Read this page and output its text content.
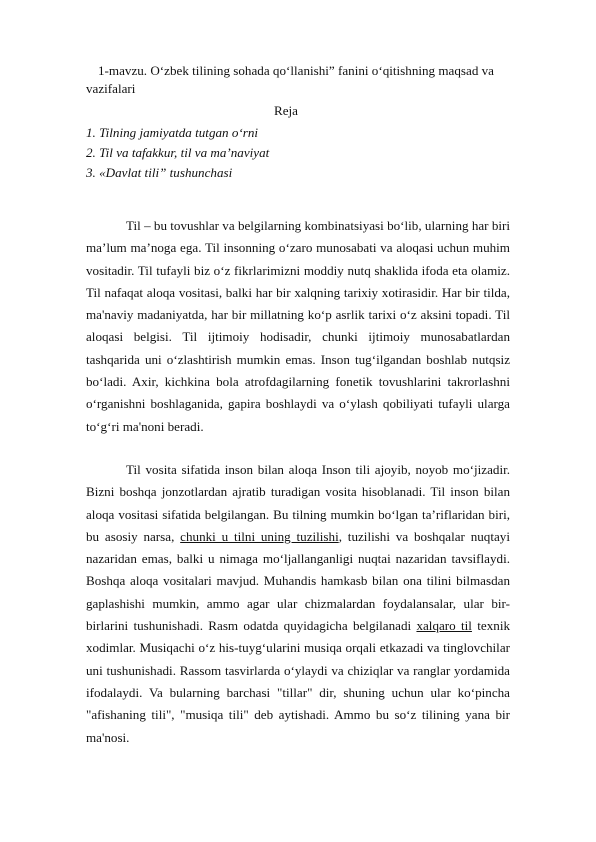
1-mavzu. O‘zbek tilining sohada qo‘llanishi” fanini o‘qitishning maqsad va
vazifalari
Reja
1. Tilning jamiyatda tutgan o‘rni
2. Til va tafakkur, til va ma’naviyat
3. «Davlat tili” tushunchasi

Til – bu tovushlar va belgilarning kombinatsiyasi bo‘lib, ularning har biri ma’lum ma’noga ega. Til insonning o‘zaro munosabati va aloqasi uchun muhim vositadir. Til tufayli biz o‘z fikrlarimizni moddiy nutq shaklida ifoda eta olamiz. Til nafaqat aloqa vositasi, balki har bir xalqning tarixiy xotirasidir. Har bir tilda, ma'naviy madaniyatda, har bir millatning ko‘p asrlik tarixi o‘z aksini topadi. Til aloqasi belgisi. Til ijtimoiy hodisadir, chunki ijtimoiy munosabatlardan tashqarida uni o‘zlashtirish mumkin emas. Inson tug‘ilgandan boshlab nutqsiz bo‘ladi. Axir, kichkina bola atrofdagilarning fonetik tovushlarini takrorlashni o‘rganishni boshlaganida, gapira boshlaydi va o‘ylash qobiliyati tufayli ularga to‘g‘ri ma'noni beradi.

Til vosita sifatida inson bilan aloqa Inson tili ajoyib, noyob mo‘jizadir. Bizni boshqa jonzotlardan ajratib turadigan vosita hisoblanadi. Til inson bilan aloqa vositasi sifatida belgilangan. Bu tilning mumkin bo‘lgan ta’riflaridan biri, bu asosiy narsa, chunki u tilni uning tuzilishi, tuzilishi va boshqalar nuqtayi nazaridan emas, balki u nimaga mo‘ljallanganligi nuqtai nazaridan tavsiflaydi. Boshqa aloqa vositalari mavjud. Muhandis hamkasb bilan ona tilini bilmasdan gaplashishi mumkin, ammo agar ular chizmalardan foydalansalar, ular bir-birlarini tushunishadi. Rasm odatda quyidagicha belgilanadi xalqaro til texnik xodimlar. Musiqachi o‘z his-tuyg‘ularini musiqa orqali etkazadi va tinglovchilar uni tushunishadi. Rassom tasvirlarda o‘ylaydi va chiziqlar va ranglar yordamida ifodalaydi. Va bularning barchasi "tillar" dir, shuning uchun ular ko‘pincha "afishaning tili", "musiqa tili" deb aytishadi. Ammo bu so‘z tilining yana bir ma'nosi.
